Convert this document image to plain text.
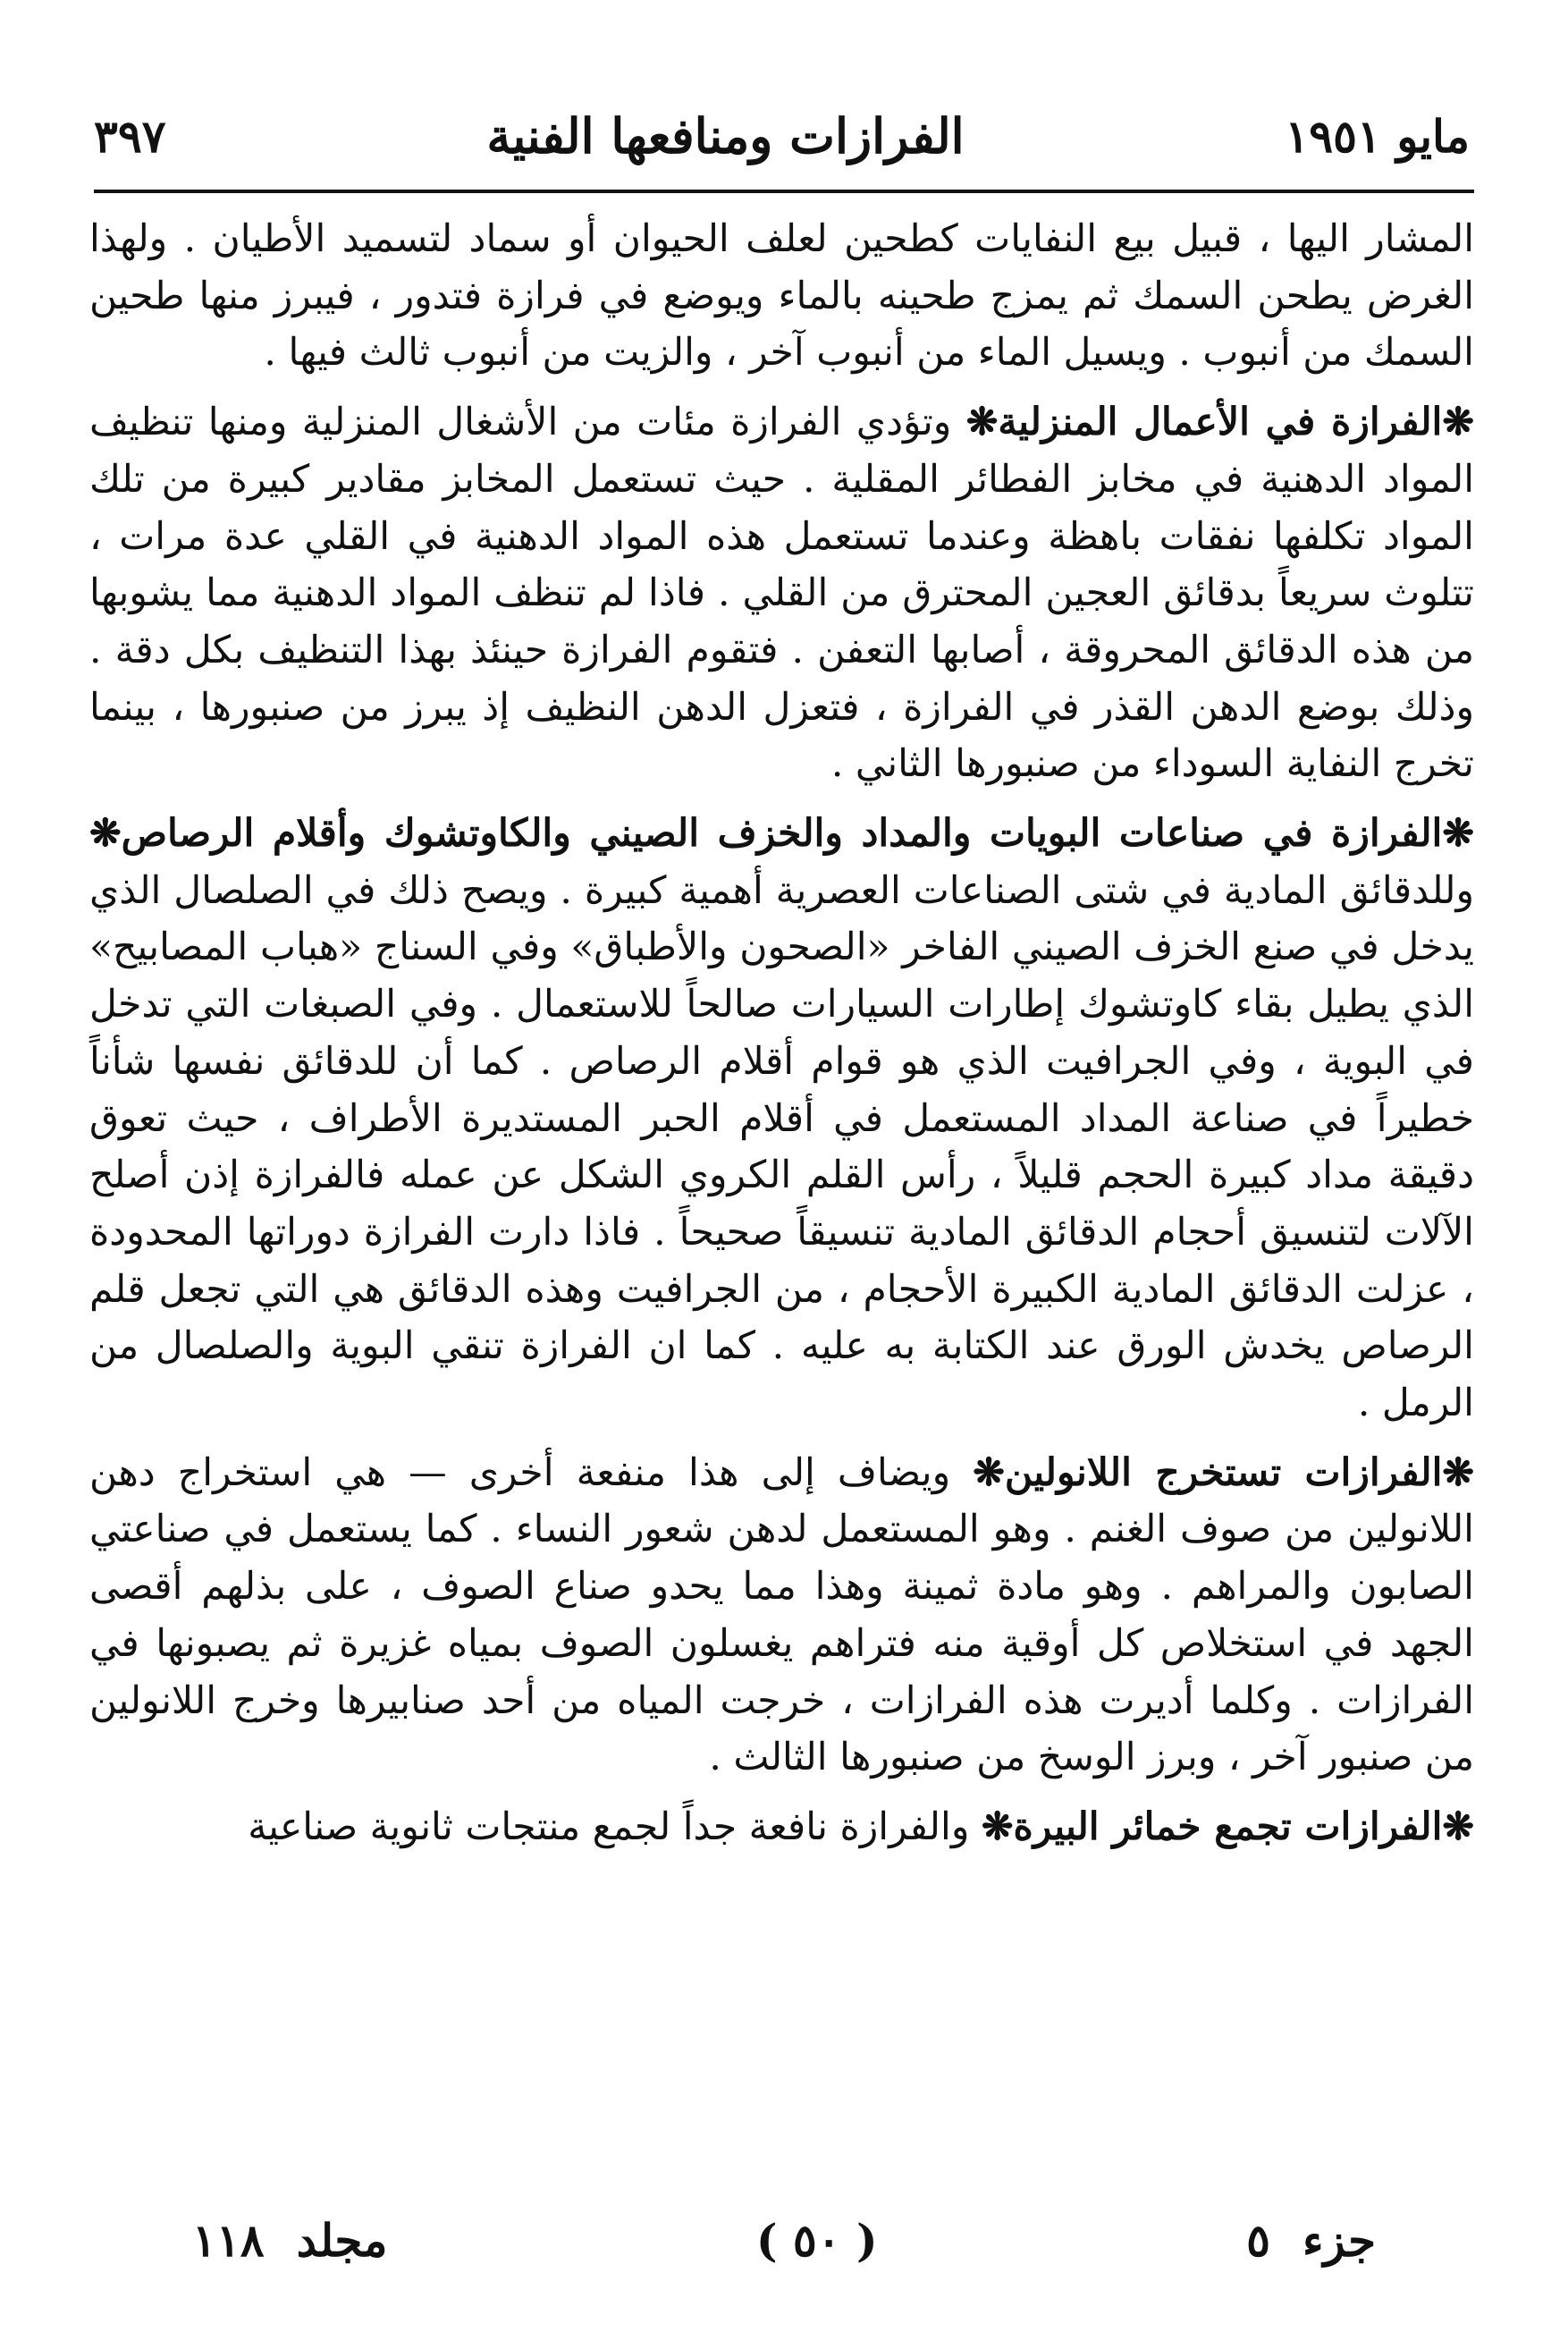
مايو ١٩٥١
الفرازات ومنافعها الفنية
٣٩٧

المشار اليها ، قبيل بيع النفايات كطحين لعلف الحيوان أو سماد لتسميد الأطيان . ولهذا الغرض يطحن السمك ثم يمزج طحينه بالماء ويوضع في فرازة فتدور ، فيبرز منها طحين السمك من أنبوب . ويسيل الماء من أنبوب آخر ، والزيت من أنبوب ثالث فيها .

❋الفرازة في الأعمال المنزلية❋ وتؤدي الفرازة مئات من الأشغال المنزلية ومنها تنظيف المواد الدهنية في مخابز الفطائر المقلية . حيث تستعمل المخابز مقادير كبيرة من تلك المواد تكلفها نفقات باهظة وعندما تستعمل هذه المواد الدهنية في القلي عدة مرات ، تتلوث سريعاً بدقائق العجين المحترق من القلي . فاذا لم تنظف المواد الدهنية مما يشوبها من هذه الدقائق المحروقة ، أصابها التعفن . فتقوم الفرازة حينئذ بهذا التنظيف بكل دقة . وذلك بوضع الدهن القذر في الفرازة ، فتعزل الدهن النظيف إذ يبرز من صنبورها ، بينما تخرج النفاية السوداء من صنبورها الثاني .

❋الفرازة في صناعات البويات والمداد والخزف الصيني والكاوتشوك وأقلام الرصاص❋ وللدقائق المادية في شتى الصناعات العصرية أهمية كبيرة . ويصح ذلك في الصلصال الذي يدخل في صنع الخزف الصيني الفاخر «الصحون والأطباق» وفي السناج «هباب المصابيح» الذي يطيل بقاء كاوتشوك إطارات السيارات صالحاً للاستعمال . وفي الصبغات التي تدخل في البوية ، وفي الجرافيت الذي هو قوام أقلام الرصاص . كما أن للدقائق نفسها شأناً خطيراً في صناعة المداد المستعمل في أقلام الحبر المستديرة الأطراف ، حيث تعوق دقيقة مداد كبيرة الحجم قليلاً ، رأس القلم الكروي الشكل عن عمله فالفرازة إذن أصلح الآلات لتنسيق أحجام الدقائق المادية تنسيقاً صحيحاً . فاذا دارت الفرازة دوراتها المحدودة ، عزلت الدقائق المادية الكبيرة الأحجام ، من الجرافيت وهذه الدقائق هي التي تجعل قلم الرصاص يخدش الورق عند الكتابة به عليه . كما ان الفرازة تنقي البوية والصلصال من الرمل .

❋الفرازات تستخرج اللانولين❋ ويضاف إلى هذا منفعة أخرى — هي استخراج دهن اللانولين من صوف الغنم . وهو المستعمل لدهن شعور النساء . كما يستعمل في صناعتي الصابون والمراهم . وهو مادة ثمينة وهذا مما يحدو صناع الصوف ، على بذلهم أقصى الجهد في استخلاص كل أوقية منه فتراهم يغسلون الصوف بمياه غزيرة ثم يصبونها في الفرازات . وكلما أديرت هذه الفرازات ، خرجت المياه من أحد صنابيرها وخرج اللانولين من صنبور آخر ، وبرز الوسخ من صنبورها الثالث .

❋الفرازات تجمع خمائر البيرة❋ والفرازة نافعة جداً لجمع منتجات ثانوية صناعية

جزء
٥
( ٥٠ )
مجلد
١١٨
